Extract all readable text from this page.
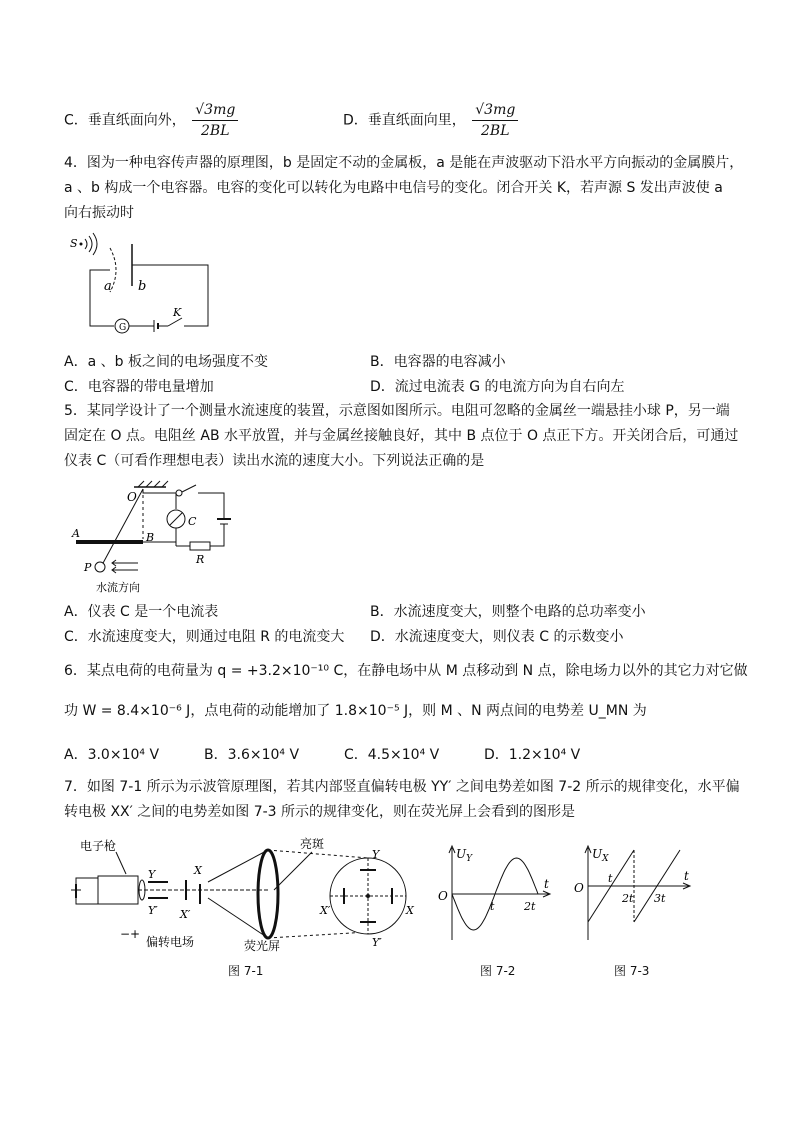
C．垂直纸面向外， $\frac{√3mg}{2BL}$	D．垂直纸面向里， $\frac{√3mg}{2BL}$
4．图为一种电容传声器的原理图，b 是固定不动的金属板，a 是能在声波驱动下沿水平方向振动的金属膜片，
a 、b 构成一个电容器。电容的变化可以转化为电路中电信号的变化。闭合开关 K，若声源 S 发出声波使 a
向右振动时
S
G
K
a b
A．a 、b 板之间的电场强度不变	B．电容器的电容减小
C．电容器的带电量增加	D．流过电流表 G 的电流方向为自右向左
5．某同学设计了一个测量水流速度的装置，示意图如图所示。电阻可忽略的金属丝一端悬挂小球 P，另一端
固定在 O 点。电阻丝 AB 水平放置，并与金属丝接触良好，其中 B 点位于 O 点正下方。开关闭合后，可通过
仪表 C（可看作理想电表）读出水流的速度大小。下列说法正确的是
O
A	B
P
水流方向
R
C
A．仪表 C 是一个电流表	B．水流速度变大，则整个电路的总功率变小
C．水流速度变大，则通过电阻 R 的电流变大 D．水流速度变大，则仪表 C 的示数变小
6．某点电荷的电荷量为 q = +3.2×10⁻¹⁰ C，在静电场中从 M 点移动到 N 点，除电场力以外的其它力对它做
功 W = 8.4×10⁻⁶ J，点电荷的动能增加了 1.8×10⁻⁵ J，则 M 、N 两点间的电势差 U_MN 为
A．3.0×10⁴ V	B．3.6×10⁴ V	C．4.5×10⁴ V	D．1.2×10⁴ V
7．如图 7-1 所示为示波管原理图，若其内部竖直偏转电极 YY′ 之间电势差如图 7-2 所示的规律变化，水平偏
转电极 XX′ 之间的电势差如图 7-3 所示的规律变化，则在荧光屏上会看到的图形是
电子枪
Y
Y′
X
X′
− +
偏转电场	荧光屏
亮斑
Y
Y′
X′	X
$U_Y$
O
t
t	2t
$U_X$
O
t
t
2t 3t
图 7-1	图 7-2	图 7-3
